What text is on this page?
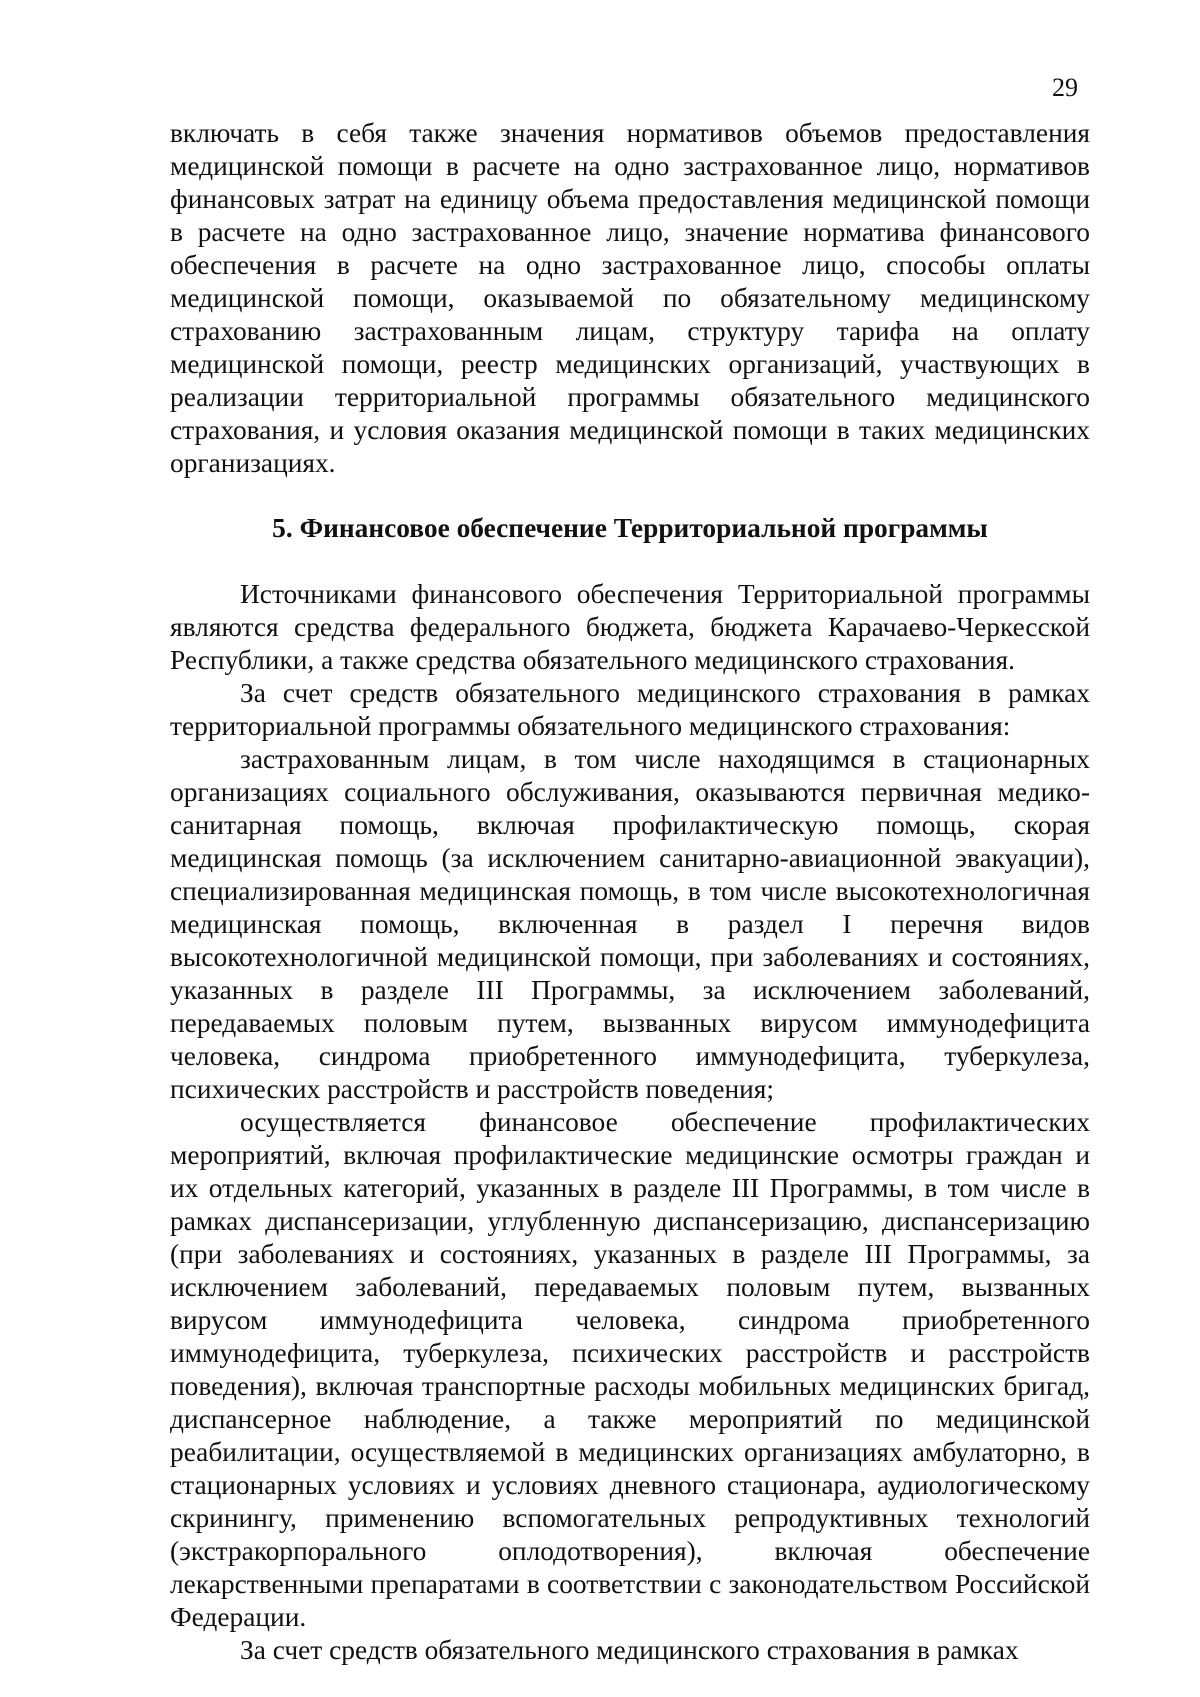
29

включать в себя также значения нормативов объемов предоставления медицинской помощи в расчете на одно застрахованное лицо, нормативов финансовых затрат на единицу объема предоставления медицинской помощи в расчете на одно застрахованное лицо, значение норматива финансового обеспечения в расчете на одно застрахованное лицо, способы оплаты медицинской помощи, оказываемой по обязательному медицинскому страхованию застрахованным лицам, структуру тарифа на оплату медицинской помощи, реестр медицинских организаций, участвующих в реализации территориальной программы обязательного медицинского страхования, и условия оказания медицинской помощи в таких медицинских организациях.

5. Финансовое обеспечение Территориальной программы

Источниками финансового обеспечения Территориальной программы являются средства федерального бюджета, бюджета Карачаево-Черкесской Республики, а также средства обязательного медицинского страхования.

За счет средств обязательного медицинского страхования в рамках территориальной программы обязательного медицинского страхования:

застрахованным лицам, в том числе находящимся в стационарных организациях социального обслуживания, оказываются первичная медико-санитарная помощь, включая профилактическую помощь, скорая медицинская помощь (за исключением санитарно-авиационной эвакуации), специализированная медицинская помощь, в том числе высокотехнологичная медицинская помощь, включенная в раздел I перечня видов высокотехнологичной медицинской помощи, при заболеваниях и состояниях, указанных в разделе III Программы, за исключением заболеваний, передаваемых половым путем, вызванных вирусом иммунодефицита человека, синдрома приобретенного иммунодефицита, туберкулеза, психических расстройств и расстройств поведения;

осуществляется финансовое обеспечение профилактических мероприятий, включая профилактические медицинские осмотры граждан и их отдельных категорий, указанных в разделе III Программы, в том числе в рамках диспансеризации, углубленную диспансеризацию, диспансеризацию (при заболеваниях и состояниях, указанных в разделе III Программы, за исключением заболеваний, передаваемых половым путем, вызванных вирусом иммунодефицита человека, синдрома приобретенного иммунодефицита, туберкулеза, психических расстройств и расстройств поведения), включая транспортные расходы мобильных медицинских бригад, диспансерное наблюдение, а также мероприятий по медицинской реабилитации, осуществляемой в медицинских организациях амбулаторно, в стационарных условиях и условиях дневного стационара, аудиологическому скринингу, применению вспомогательных репродуктивных технологий (экстракорпорального оплодотворения), включая обеспечение лекарственными препаратами в соответствии с законодательством Российской Федерации.

За счет средств обязательного медицинского страхования в рамках
